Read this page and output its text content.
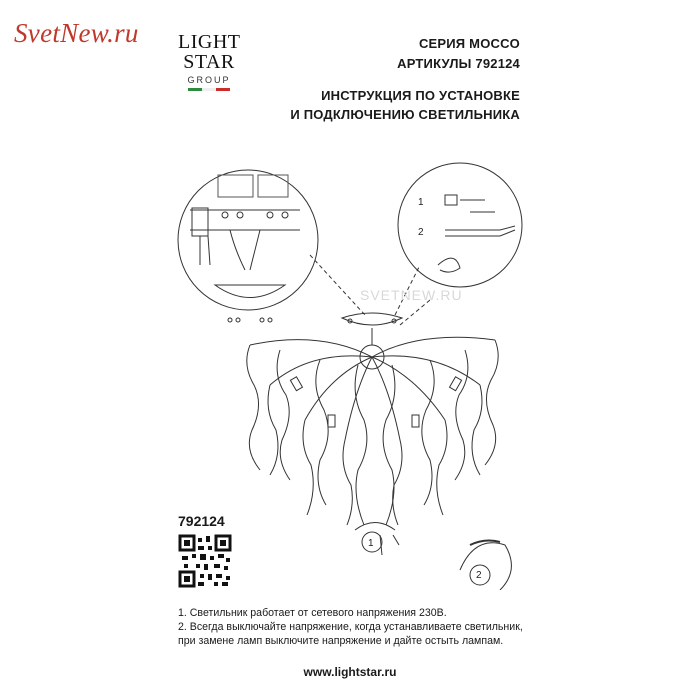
SvetNew.ru LIGHT
STAR
GROUP
СЕРИЯ MOCCO
АРТИКУЛЫ 792124
ИНСТРУКЦИЯ ПО УСТАНОВКЕ
И ПОДКЛЮЧЕНИЮ СВЕТИЛЬНИКА
1
2
1
2
SVETNEW.RU
792124
1. Светильник работает от сетевого напряжения 230В.
2. Всегда выключайте напряжение, когда устанавливаете светильник,
при замене ламп выключите напряжение и дайте остыть лампам.
www.lightstar.ru
